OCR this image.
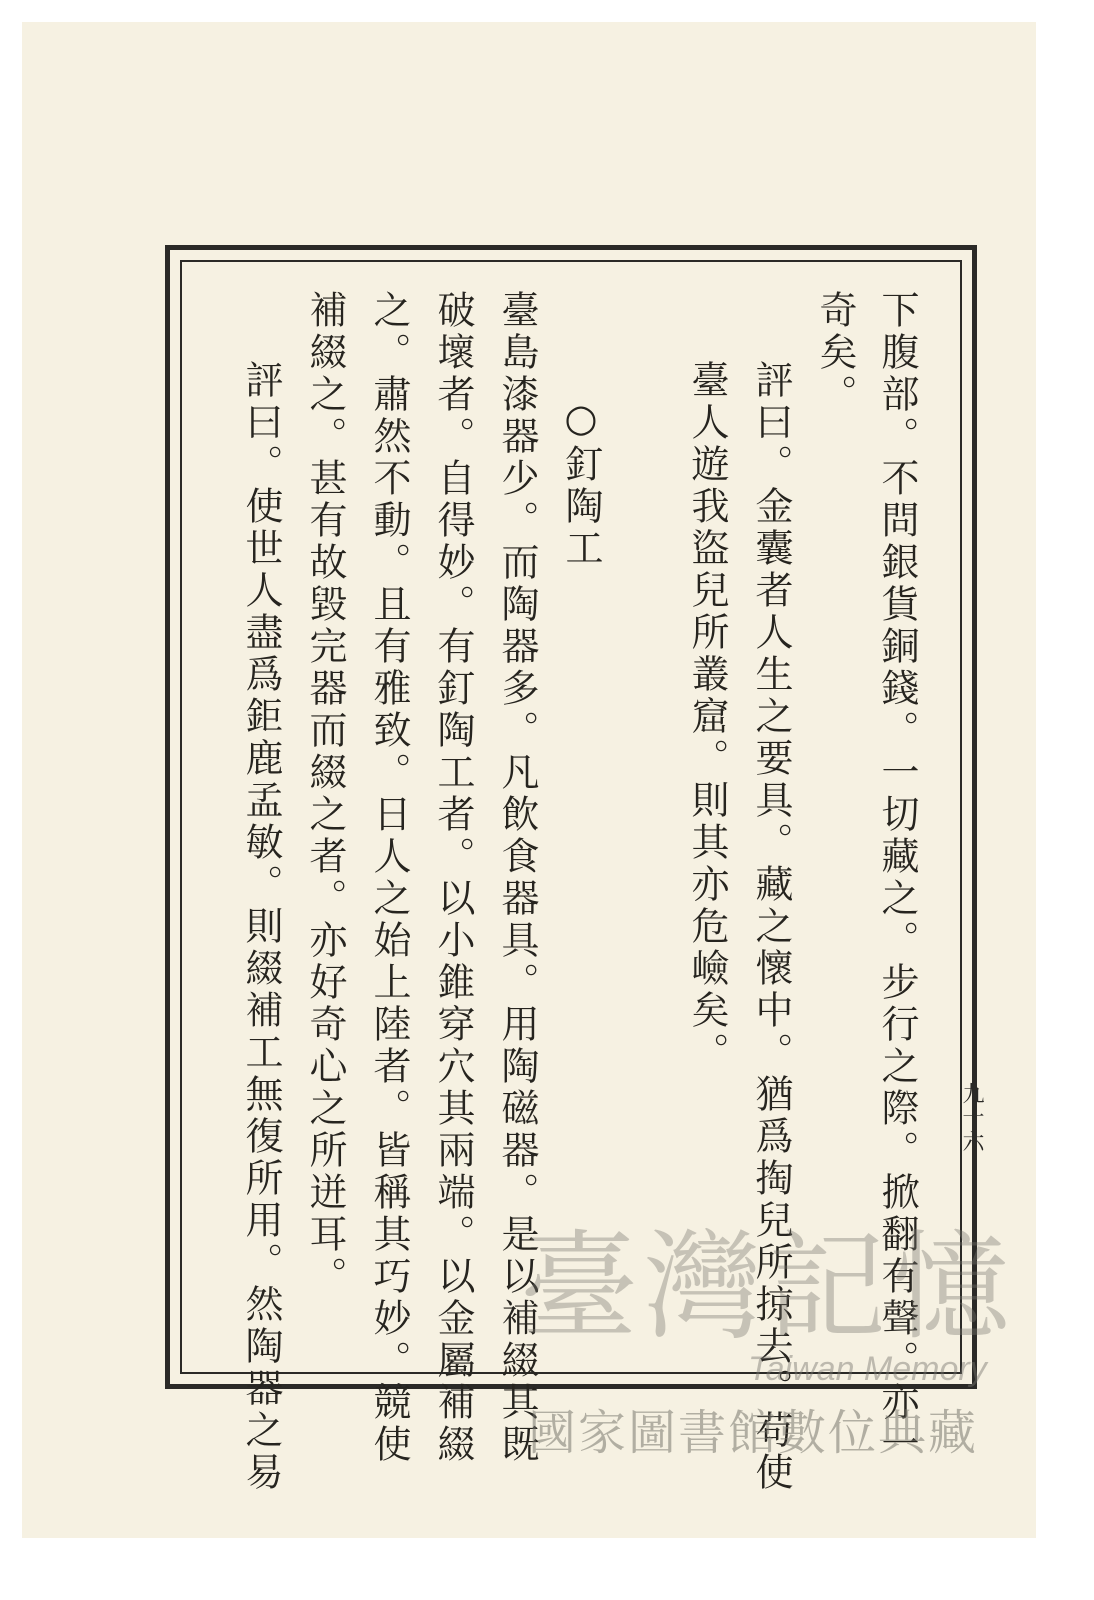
下腹部。不問銀貨銅錢。一切藏之。步行之際。掀翻有聲。亦一
奇矣。
評曰。金囊者人生之要具。藏之懷中。猶爲掏兒所掠去。苟使
臺人遊我盜兒所叢窟。則其亦危嶮矣。
○釘陶工
臺島漆器少。而陶器多。凡飲食器具。用陶磁器。是以補綴其既
破壞者。自得妙。有釘陶工者。以小錐穿穴其兩端。以金屬補綴
之。肅然不動。且有雅致。日人之始上陸者。皆稱其巧妙。競使
補綴之。甚有故毀完器而綴之者。亦好奇心之所迸耳。
評曰。使世人盡爲鉅鹿孟敏。則綴補工無復所用。然陶器之易	九十六
臺灣記憶
Taiwan Memory
國家圖書館數位典藏
